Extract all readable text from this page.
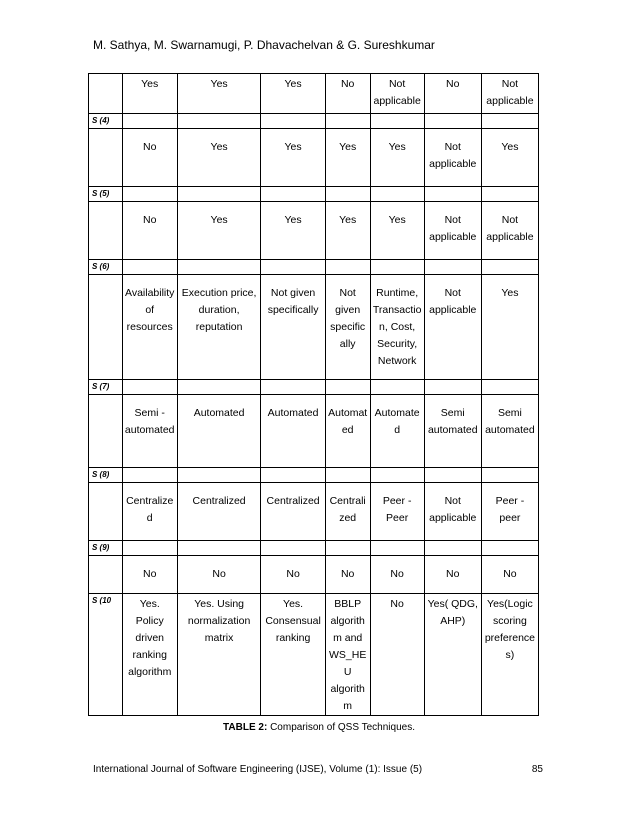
M. Sathya, M. Swarnamugi, P. Dhavachelvan & G. Sureshkumar
	Yes	Yes	Yes	No	Not applicable	No	Not applicable
S (4)							
	No	Yes	Yes	Yes	Yes	Not applicable	Yes
S (5)							
	No	Yes	Yes	Yes	Yes	Not applicable	Not applicable
S (6)							
	Availability of resources	Execution price, duration, reputation	Not given specifically	Not given specifically	Runtime, Transaction, Cost, Security, Network	Not applicable	Yes
S (7)							
	Semi - automated	Automated	Automated	Automated	Automated	Semi automated	Semi automated
S (8)							
	Centralized	Centralized	Centralized	Centralized	Peer - Peer	Not applicable	Peer - peer
S (9)							
	No	No	No	No	No	No	No
S (10	Yes. Policy driven ranking algorithm	Yes. Using normalization matrix	Yes. Consensual ranking	BBLP algorithm and WS_HEU algorithm	No	Yes( QDG, AHP)	Yes(Logic scoring preferences)
TABLE 2: Comparison of QSS Techniques.
International Journal of Software Engineering (IJSE), Volume (1): Issue (5)	85
